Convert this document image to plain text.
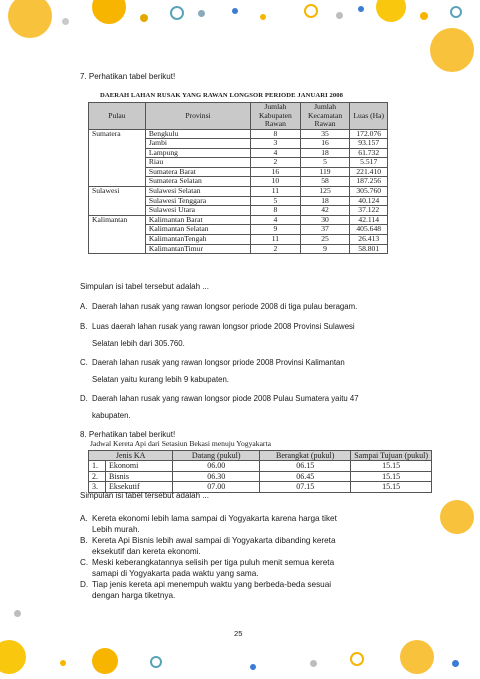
7. Perhatikan tabel berikut!
DAERAH LAHAN RUSAK YANG RAWAN LONGSOR PERIODE JANUARI 2008
Pulau	Provinsi	Jumlah Kabupaten Rawan	Jumlah Kecamatan Rawan	Luas (Ha)
Sumatera	Bengkulu	8	35	172.076
	Jambi	3	16	93.157
	Lampung	4	18	61.732
	Riau	2	5	5.517
	Sumatera Barat	16	119	221.410
	Sumatera Selatan	10	58	187.256
Sulawesi	Sulawesi Selatan	11	125	305.760
	Sulawesi Tenggara	5	18	40.124
	Sulawesi Utara	8	42	37.122
Kalimantan	Kalimantan Barat	4	30	42.114
	Kalimantan Selatan	9	37	405.648
	KalimantanTengah	11	25	26.413
	KalimantanTimur	2	9	58.801
Simpulan isi tabel tersebut adalah ...
A. Daerah lahan rusak yang rawan longsor periode 2008 di tiga pulau beragam.
B. Luas daerah lahan rusak yang rawan longsor priode 2008 Provinsi Sulawesi
Selatan lebih dari 305.760.
C. Daerah lahan rusak yang rawan longsor priode 2008 Provinsi Kalimantan
Selatan yaitu kurang lebih 9 kabupaten.
D. Daerah lahan rusak yang rawan longsor piode 2008 Pulau Sumatera yaitu 47
kabupaten.
8. Perhatikan tabel berikut!
Jadwal Kereta Api dari Setasiun Bekasi menuju Yogyakarta
Jenis KA		Datang (pukul)	Berangkat (pukul)	Sampai Tujuan (pukul)
1.	Ekonomi	06.00	06.15	15.15
2.	Bisnis	06.30	06.45	15.15
3.	Eksekutif	07.00	07.15	15.15
Simpulan isi tabel tersebut adalah ...
A. Kereta ekonomi lebih lama sampai di Yogyakarta karena harga tiket
Lebih murah.
B. Kereta Api Bisnis lebih awal sampai di Yogyakarta dibanding kereta
eksekutif dan kereta ekonomi.
C. Meski keberangkatannya selisih per tiga puluh menit semua kereta
samapi di Yogyakarta pada waktu yang sama.
D. Tiap jenis kereta api menempuh waktu yang berbeda-beda sesuai
dengan harga tiketnya.
25
